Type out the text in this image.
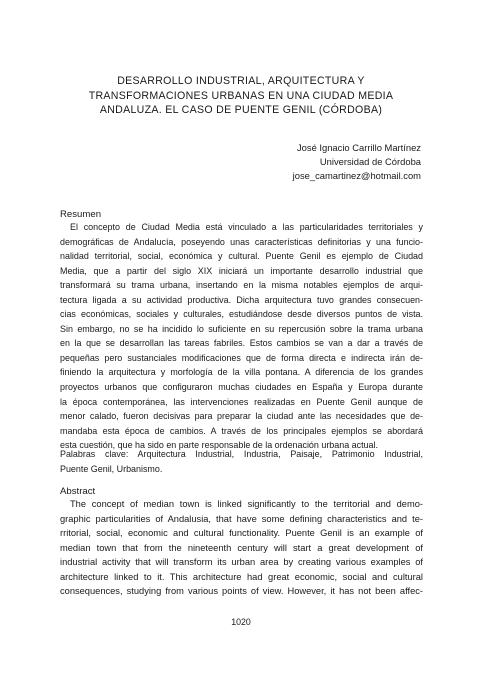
DESARROLLO INDUSTRIAL, ARQUITECTURA Y
TRANSFORMACIONES URBANAS EN UNA CIUDAD MEDIA
ANDALUZA. EL CASO DE PUENTE GENIL (CÓRDOBA)
José Ignacio Carrillo Martínez
Universidad de Córdoba
jose_camartinez@hotmail.com
Resumen

El concepto de Ciudad Media está vinculado a las particularidades territoriales y
demográficas de Andalucía, poseyendo unas características definitorias y una funcio-
nalidad territorial, social, económica y cultural. Puente Genil es ejemplo de Ciudad
Media, que a partir del siglo XIX iniciará un importante desarrollo industrial que
transformará su trama urbana, insertando en la misma notables ejemplos de arqui-
tectura ligada a su actividad productiva. Dicha arquitectura tuvo grandes consecuen-
cias económicas, sociales y culturales, estudiándose desde diversos puntos de vista.
Sin embargo, no se ha incidido lo suficiente en su repercusión sobre la trama urbana
en la que se desarrollan las tareas fabriles. Estos cambios se van a dar a través de
pequeñas pero sustanciales modificaciones que de forma directa e indirecta irán de-
finiendo la arquitectura y morfología de la villa pontana. A diferencia de los grandes
proyectos urbanos que configuraron muchas ciudades en España y Europa durante
la época contemporánea, las intervenciones realizadas en Puente Genil aunque de
menor calado, fueron decisivas para preparar la ciudad ante las necesidades que de-
mandaba esta época de cambios. A través de los principales ejemplos se abordará
esta cuestión, que ha sido en parte responsable de la ordenación urbana actual.

Palabras clave: Arquitectura Industrial, Industria, Paisaje, Patrimonio Industrial,
Puente Genil, Urbanismo.

Abstract

The concept of median town is linked significantly to the territorial and demo-
graphic particularities of Andalusia, that have some defining characteristics and te-
rritorial, social, economic and cultural functionality. Puente Genil is an example of
median town that from the nineteenth century will start a great development of
industrial activity that will transform its urban area by creating various examples of
architecture linked to it. This architecture had great economic, social and cultural
consequences, studying from various points of view. However, it has not been affec-

1020
